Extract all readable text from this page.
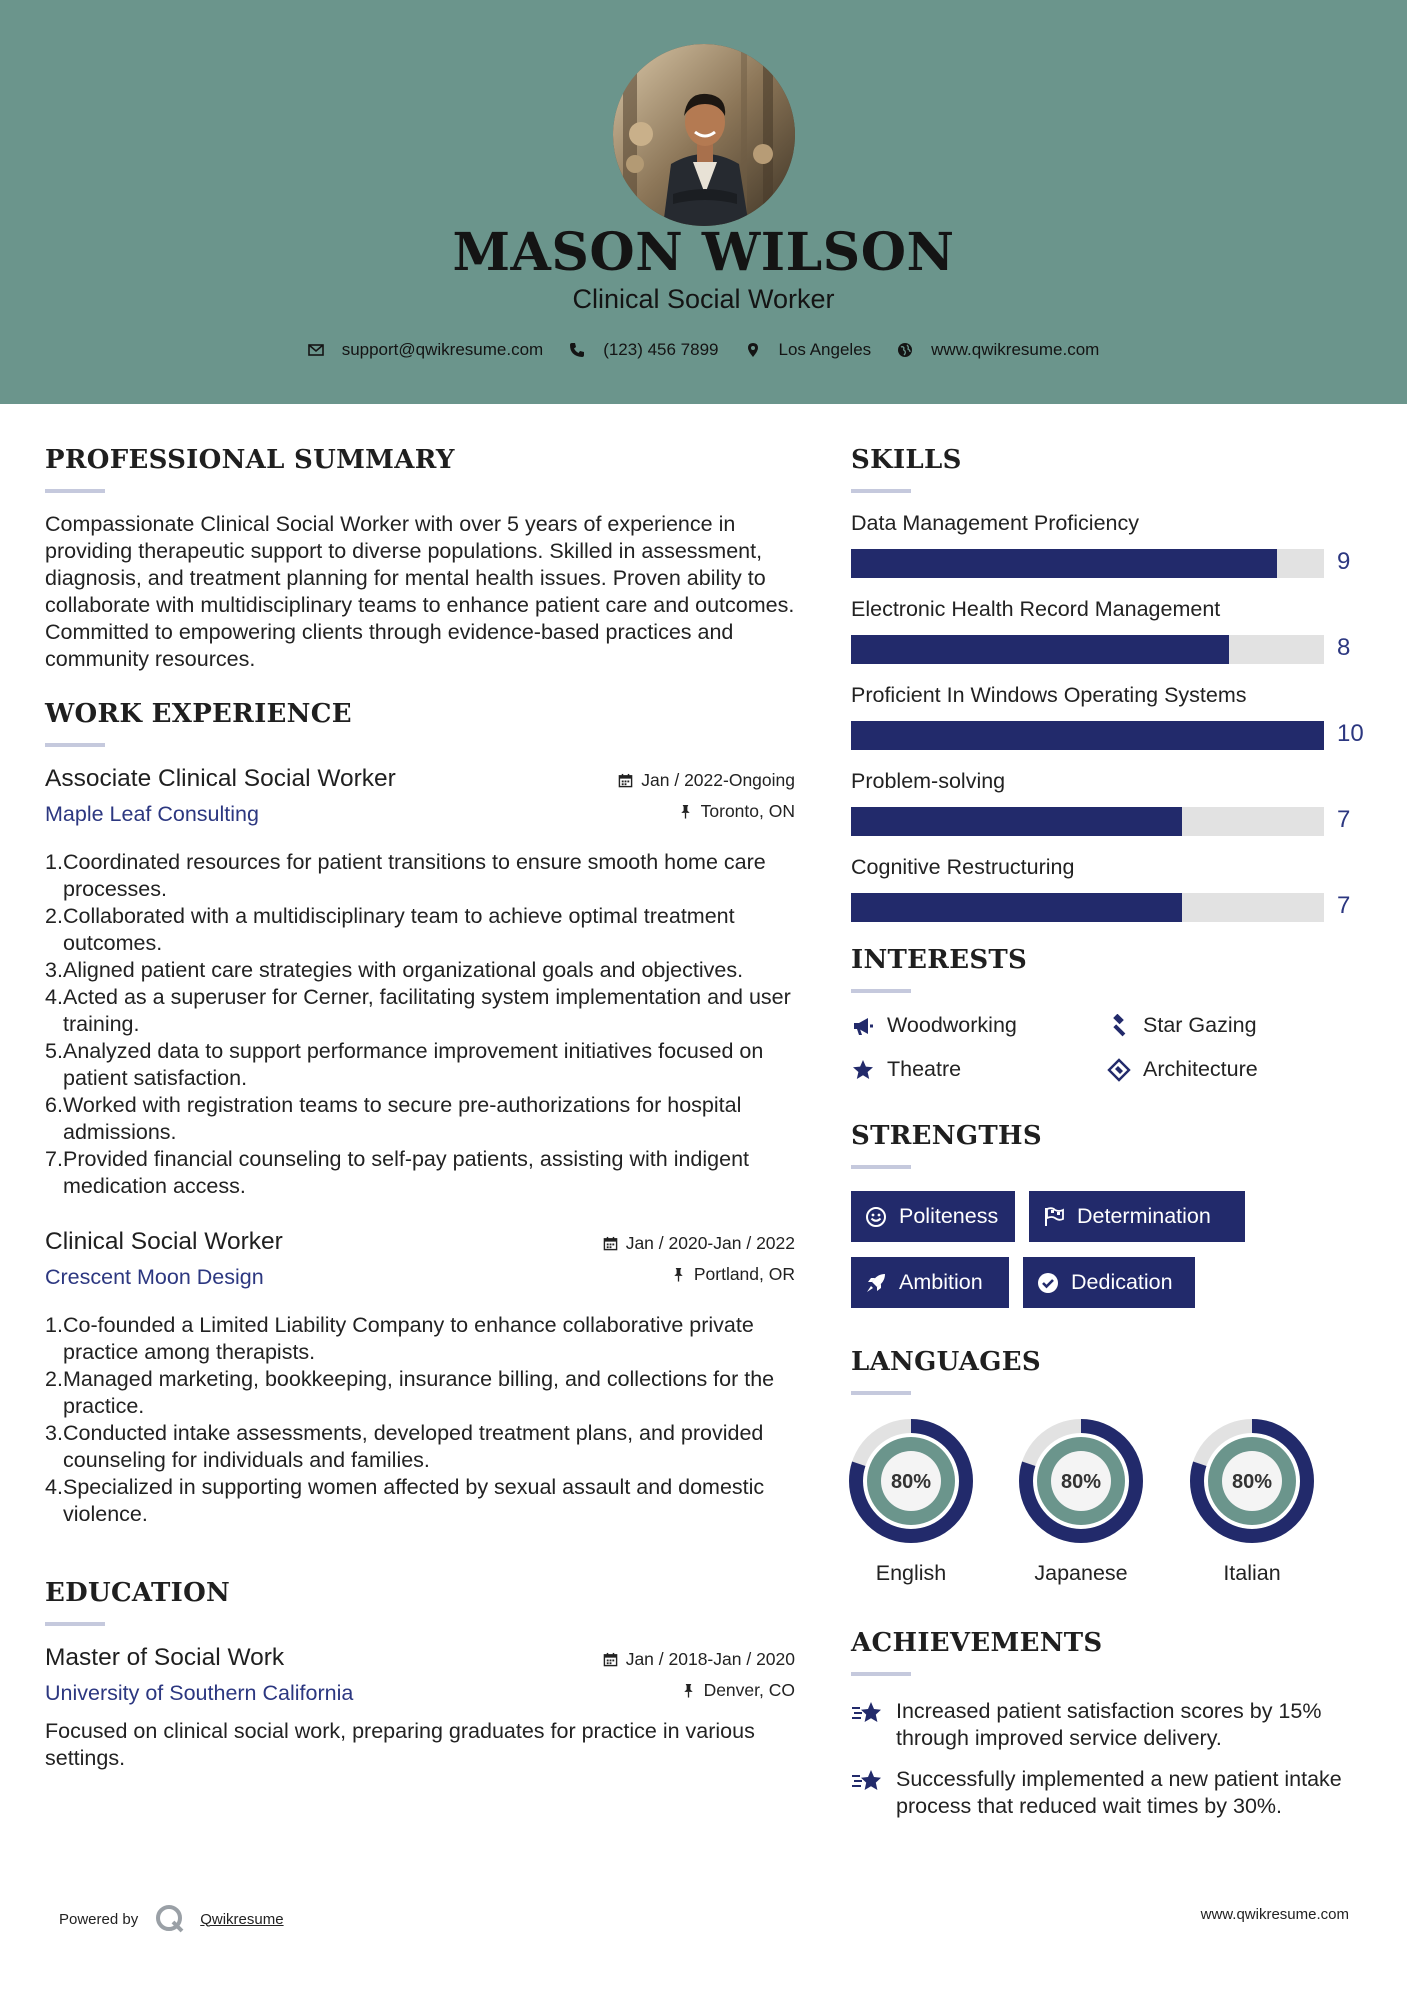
MASON WILSON
Clinical Social Worker
support@qwikresume.com	(123) 456 7899	Los Angeles	www.qwikresume.com
PROFESSIONAL SUMMARY
Compassionate Clinical Social Worker with over 5 years of experience in providing therapeutic support to diverse populations. Skilled in assessment, diagnosis, and treatment planning for mental health issues. Proven ability to collaborate with multidisciplinary teams to enhance patient care and outcomes. Committed to empowering clients through evidence-based practices and community resources.
WORK EXPERIENCE
Associate Clinical Social Worker
Maple Leaf Consulting
Jan / 2022-Ongoing
Toronto, ON
1. Coordinated resources for patient transitions to ensure smooth home care processes.
2. Collaborated with a multidisciplinary team to achieve optimal treatment outcomes.
3. Aligned patient care strategies with organizational goals and objectives.
4. Acted as a superuser for Cerner, facilitating system implementation and user training.
5. Analyzed data to support performance improvement initiatives focused on patient satisfaction.
6. Worked with registration teams to secure pre-authorizations for hospital admissions.
7. Provided financial counseling to self-pay patients, assisting with indigent medication access.
Clinical Social Worker
Crescent Moon Design
Jan / 2020-Jan / 2022
Portland, OR
1. Co-founded a Limited Liability Company to enhance collaborative private practice among therapists.
2. Managed marketing, bookkeeping, insurance billing, and collections for the practice.
3. Conducted intake assessments, developed treatment plans, and provided counseling for individuals and families.
4. Specialized in supporting women affected by sexual assault and domestic violence.
EDUCATION
Master of Social Work
University of Southern California
Jan / 2018-Jan / 2020
Denver, CO
Focused on clinical social work, preparing graduates for practice in various settings.
SKILLS
Data Management Proficiency
9
Electronic Health Record Management
8
Proficient In Windows Operating Systems
10
Problem-solving
7
Cognitive Restructuring
7
INTERESTS
Woodworking	Star Gazing
Theatre	Architecture
STRENGTHS
Politeness	Determination
Ambition	Dedication
LANGUAGES
80%
English
80%
Japanese
80%
Italian
ACHIEVEMENTS
Increased patient satisfaction scores by 15% through improved service delivery.
Successfully implemented a new patient intake process that reduced wait times by 30%.
Powered by	Qwikresume	www.qwikresume.com
